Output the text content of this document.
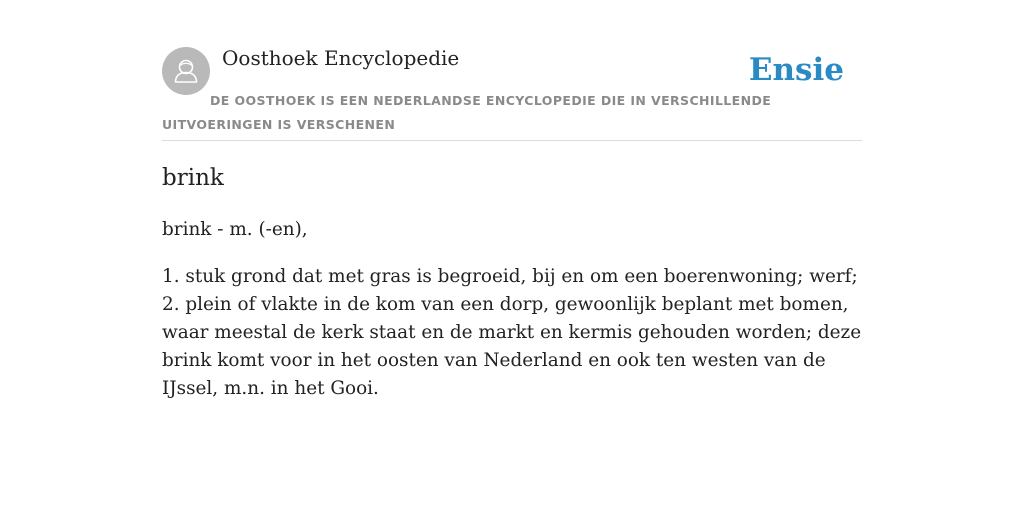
Oosthoek Encyclopedie	Ensie
DE OOSTHOEK IS EEN NEDERLANDSE ENCYCLOPEDIE DIE IN VERSCHILLENDE UITVOERINGEN IS VERSCHENEN
brink

brink - m. (-en),

1. stuk grond dat met gras is begroeid, bij en om een boerenwoning; werf;

2. plein of vlakte in de kom van een dorp, gewoonlijk beplant met bomen, waar meestal de kerk staat en de markt en kermis gehouden worden; deze brink komt voor in het oosten van Nederland en ook ten westen van de IJssel, m.n. in het Gooi.
